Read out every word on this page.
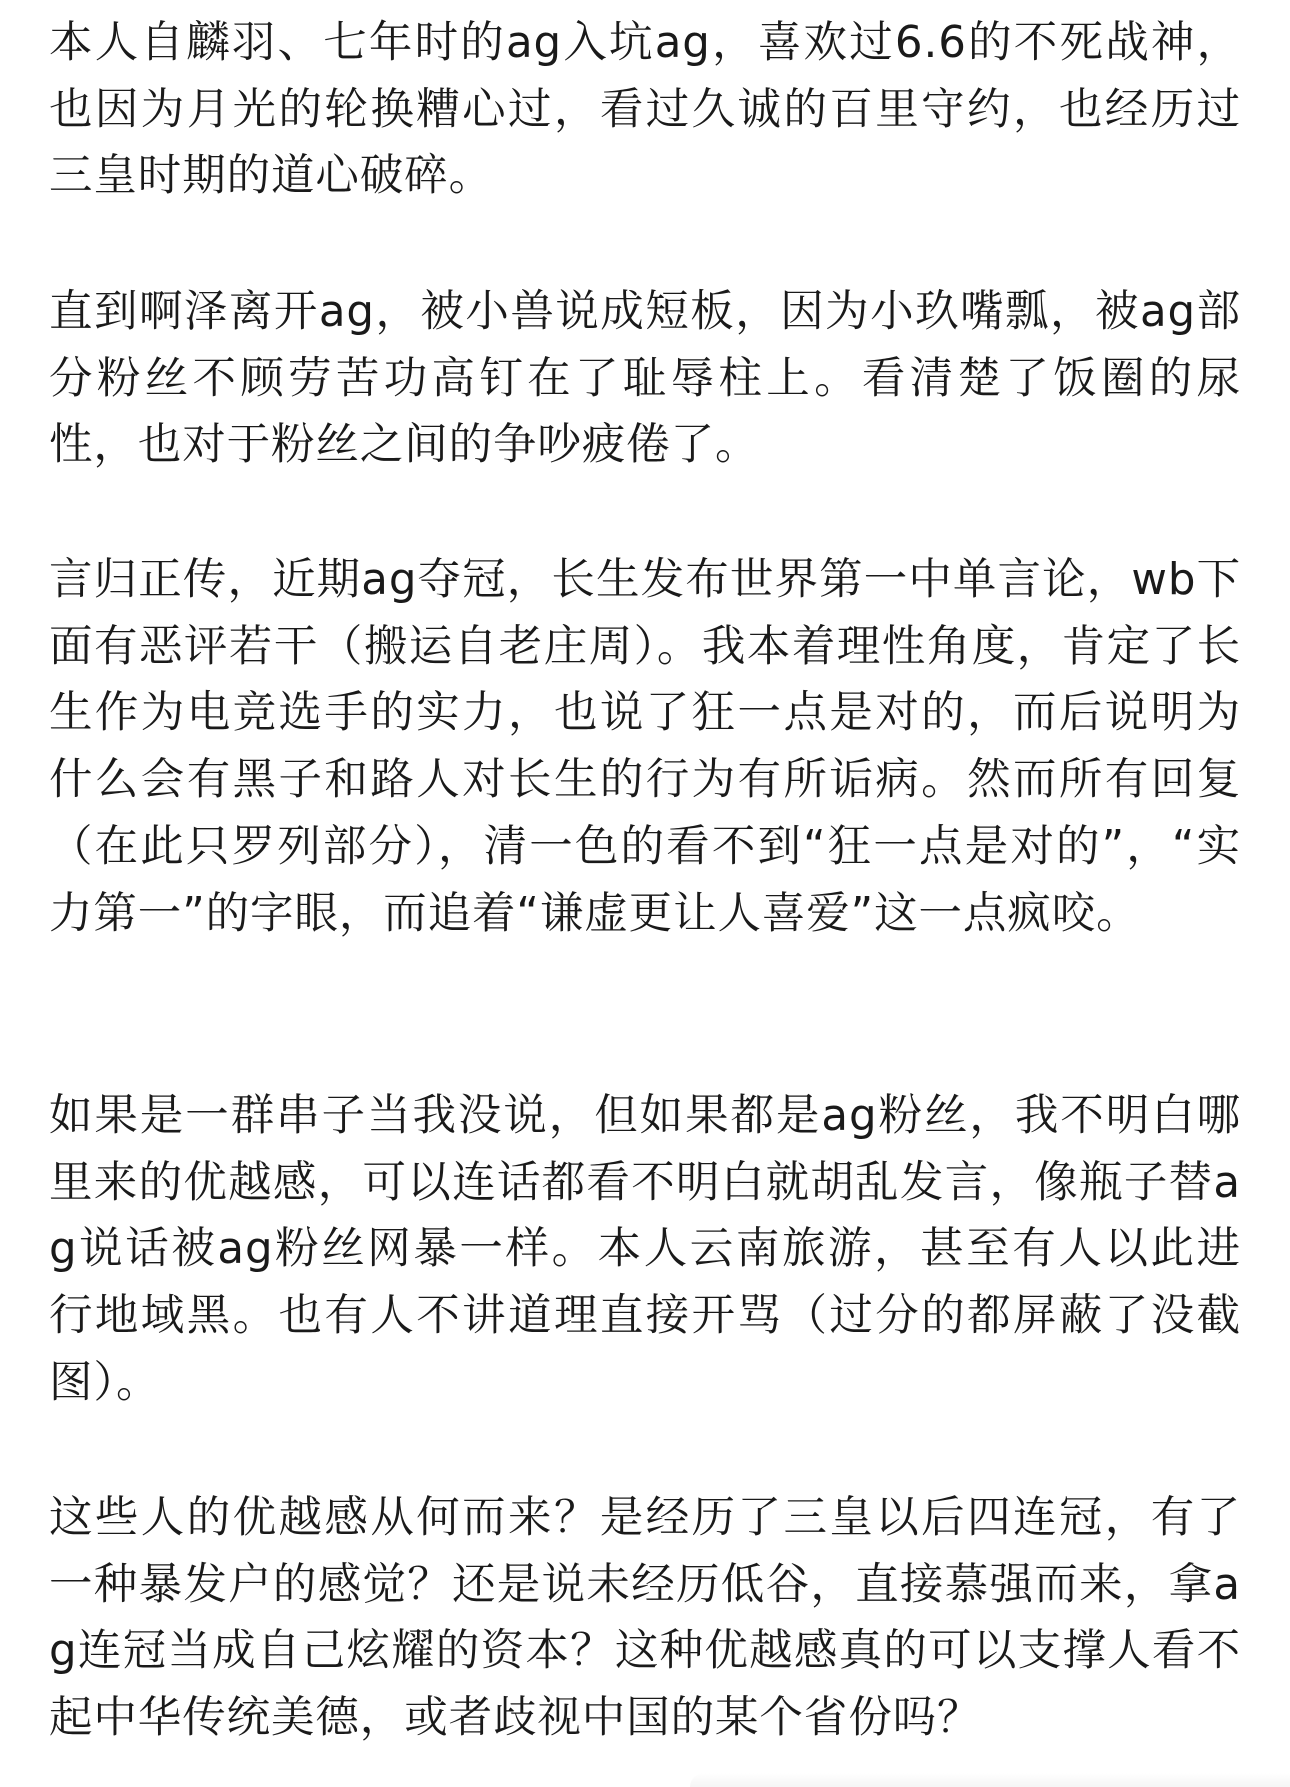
本人自麟羽、七年时的ag入坑ag，喜欢过6.6的不死战神，也因为月光的轮换糟心过，看过久诚的百里守约，也经历过三皇时期的道心破碎。

直到啊泽离开ag，被小兽说成短板，因为小玖嘴瓢，被ag部分粉丝不顾劳苦功高钉在了耻辱柱上。看清楚了饭圈的尿性，也对于粉丝之间的争吵疲倦了。

言归正传，近期ag夺冠，长生发布世界第一中单言论，wb下面有恶评若干（搬运自老庄周）。我本着理性角度，肯定了长生作为电竞选手的实力，也说了狂一点是对的，而后说明为什么会有黑子和路人对长生的行为有所诟病。然而所有回复（在此只罗列部分），清一色的看不到“狂一点是对的”，“实力第一”的字眼，而追着“谦虚更让人喜爱”这一点疯咬。

如果是一群串子当我没说，但如果都是ag粉丝，我不明白哪里来的优越感，可以连话都看不明白就胡乱发言，像瓶子替ag说话被ag粉丝网暴一样。本人云南旅游，甚至有人以此进行地域黑。也有人不讲道理直接开骂（过分的都屏蔽了没截图）。

这些人的优越感从何而来？是经历了三皇以后四连冠，有了一种暴发户的感觉？还是说未经历低谷，直接慕强而来，拿ag连冠当成自己炫耀的资本？这种优越感真的可以支撑人看不起中华传统美德，或者歧视中国的某个省份吗？
